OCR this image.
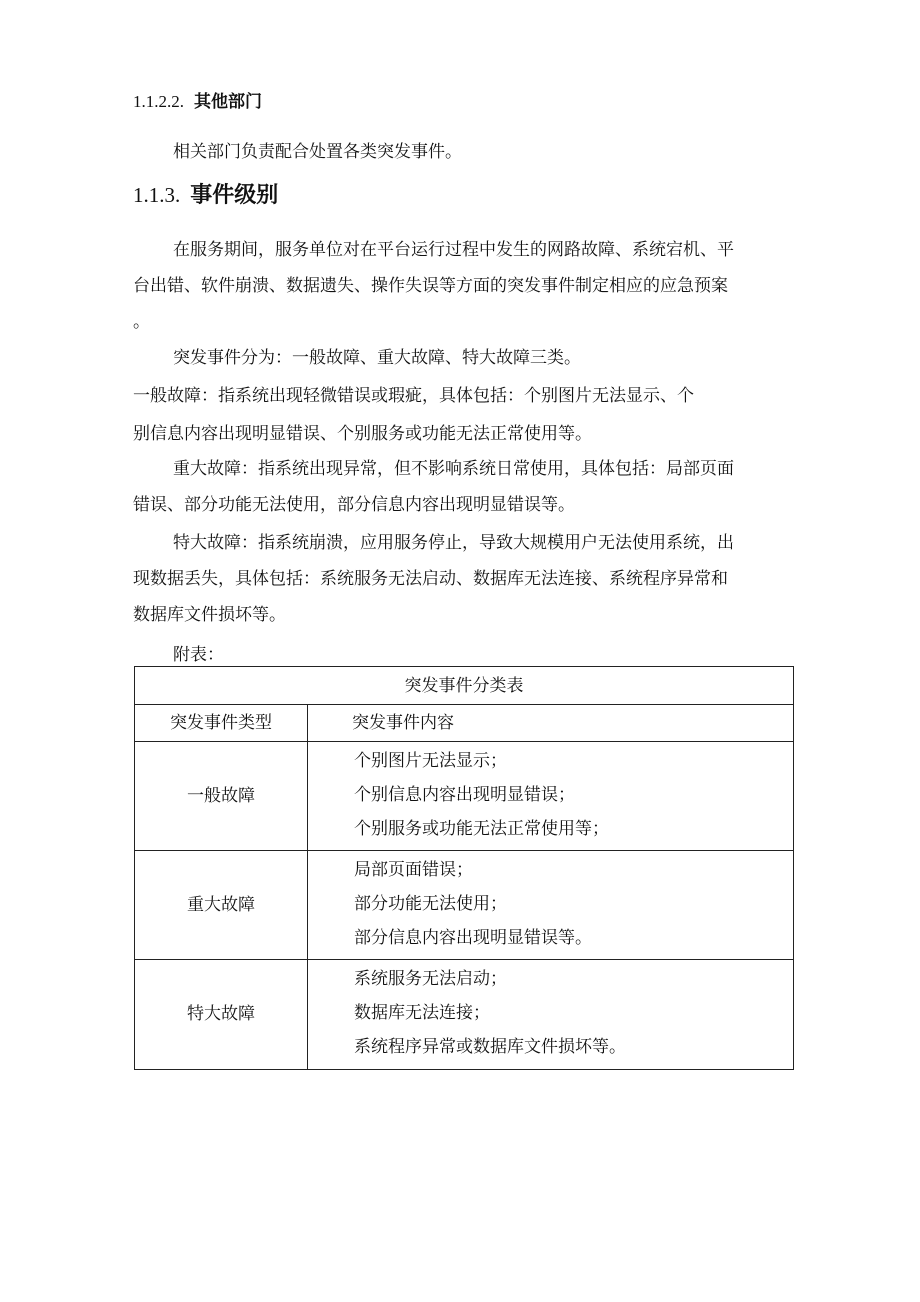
1.1.2.2. 其他部门
相关部门负责配合处置各类突发事件。
1.1.3. 事件级别
在服务期间，服务单位对在平台运行过程中发生的网路故障、系统宕机、平
台出错、软件崩溃、数据遗失、操作失误等方面的突发事件制定相应的应急预案
。
突发事件分为：一般故障、重大故障、特大故障三类。
一般故障：指系统出现轻微错误或瑕疵，具体包括：个别图片无法显示、个
别信息内容出现明显错误、个别服务或功能无法正常使用等。
重大故障：指系统出现异常，但不影响系统日常使用，具体包括：局部页面
错误、部分功能无法使用，部分信息内容出现明显错误等。
特大故障：指系统崩溃，应用服务停止，导致大规模用户无法使用系统，出
现数据丢失，具体包括：系统服务无法启动、数据库无法连接、系统程序异常和
数据库文件损坏等。
附表：
突发事件分类表
突发事件类型	突发事件内容
一般故障
个别图片无法显示；
个别信息内容出现明显错误；
个别服务或功能无法正常使用等；
重大故障
局部页面错误；
部分功能无法使用；
部分信息内容出现明显错误等。
特大故障
系统服务无法启动；
数据库无法连接；
系统程序异常或数据库文件损坏等。
